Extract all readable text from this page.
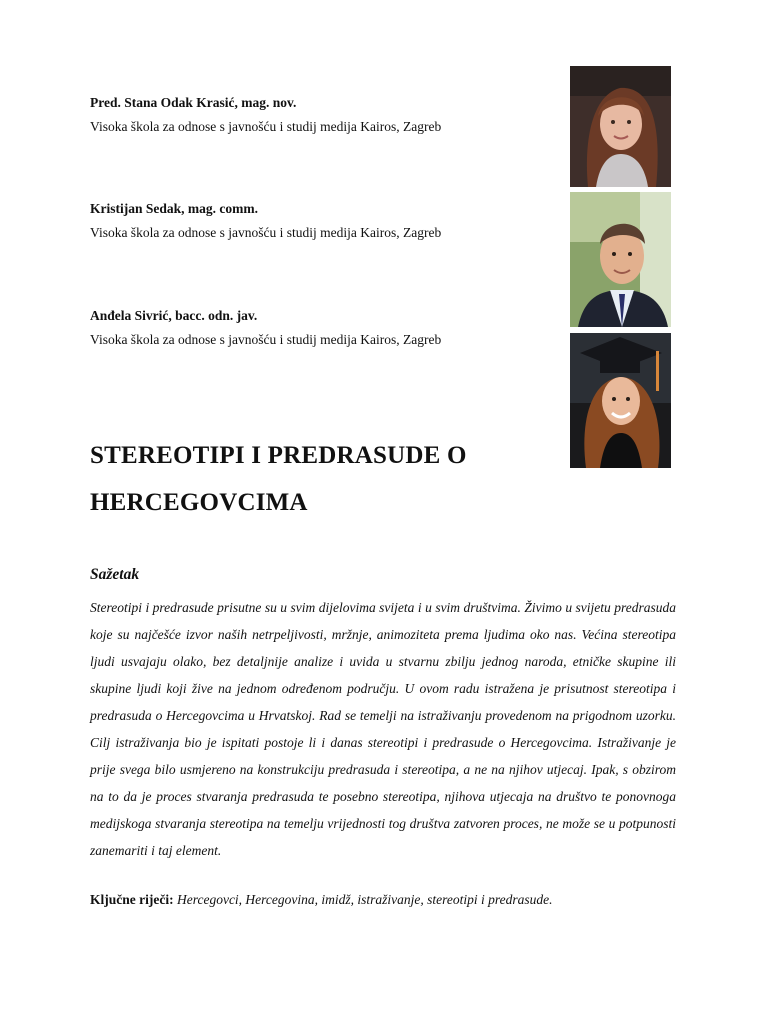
Pred. Stana Odak Krasić, mag. nov.
Visoka škola za odnose s javnošću i studij medija Kairos, Zagreb
Kristijan Sedak, mag. comm.
Visoka škola za odnose s javnošću i studij medija Kairos, Zagreb
Anđela Sivrić, bacc. odn. jav.
Visoka škola za odnose s javnošću i studij medija Kairos, Zagreb
STEREOTIPI I PREDRASUDE O
HERCEGOVCIMA
Sažetak
Stereotipi i predrasude prisutne su u svim dijelovima svijeta i u svim društvima. Živimo u svijetu predrasuda koje su najčešće izvor naših netrpeljivosti, mržnje, animoziteta prema ljudima oko nas. Većina stereotipa ljudi usvajaju olako, bez detaljnije analize i uvida u stvarnu zbilju jednog naroda, etničke skupine ili skupine ljudi koji žive na jednom određenom području. U ovom radu istražena je prisutnost stereotipa i predrasuda o Hercegovcima u Hrvatskoj. Rad se temelji na istraživanju provedenom na prigodnom uzorku. Cilj istraživanja bio je ispitati postoje li i danas stereotipi i predrasude o Hercegovcima. Istraživanje je prije svega bilo usmjereno na konstrukciju predrasuda i stereotipa, a ne na njihov utjecaj. Ipak, s obzirom na to da je proces stvaranja predrasuda te posebno stereotipa, njihova utjecaja na društvo te ponovnoga medijskoga stvaranja stereotipa na temelju vrijednosti tog društva zatvoren proces, ne može se u potpunosti zanemariti i taj element.
Ključne riječi: Hercegovci, Hercegovina, imidž, istraživanje, stereotipi i predrasude.
